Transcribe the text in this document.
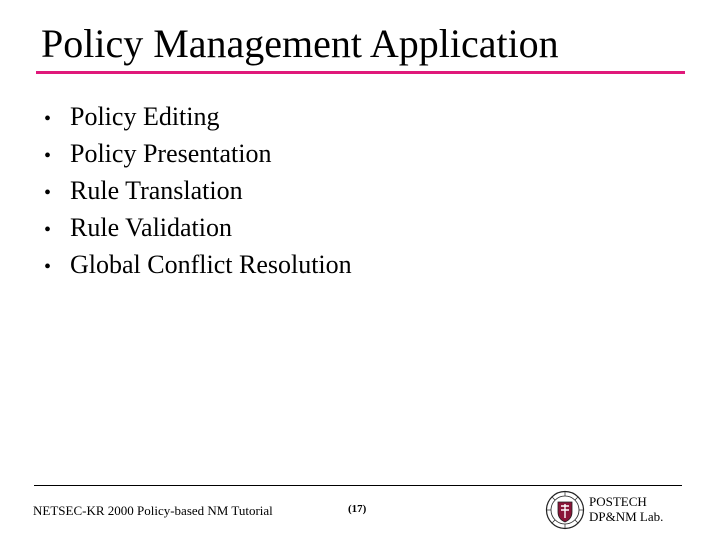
Policy Management Application
• Policy Editing
• Policy Presentation
• Rule Translation
• Rule Validation
• Global Conflict Resolution
NETSEC-KR 2000 Policy-based NM Tutorial	(17)	POSTECH
DP&NM Lab.
